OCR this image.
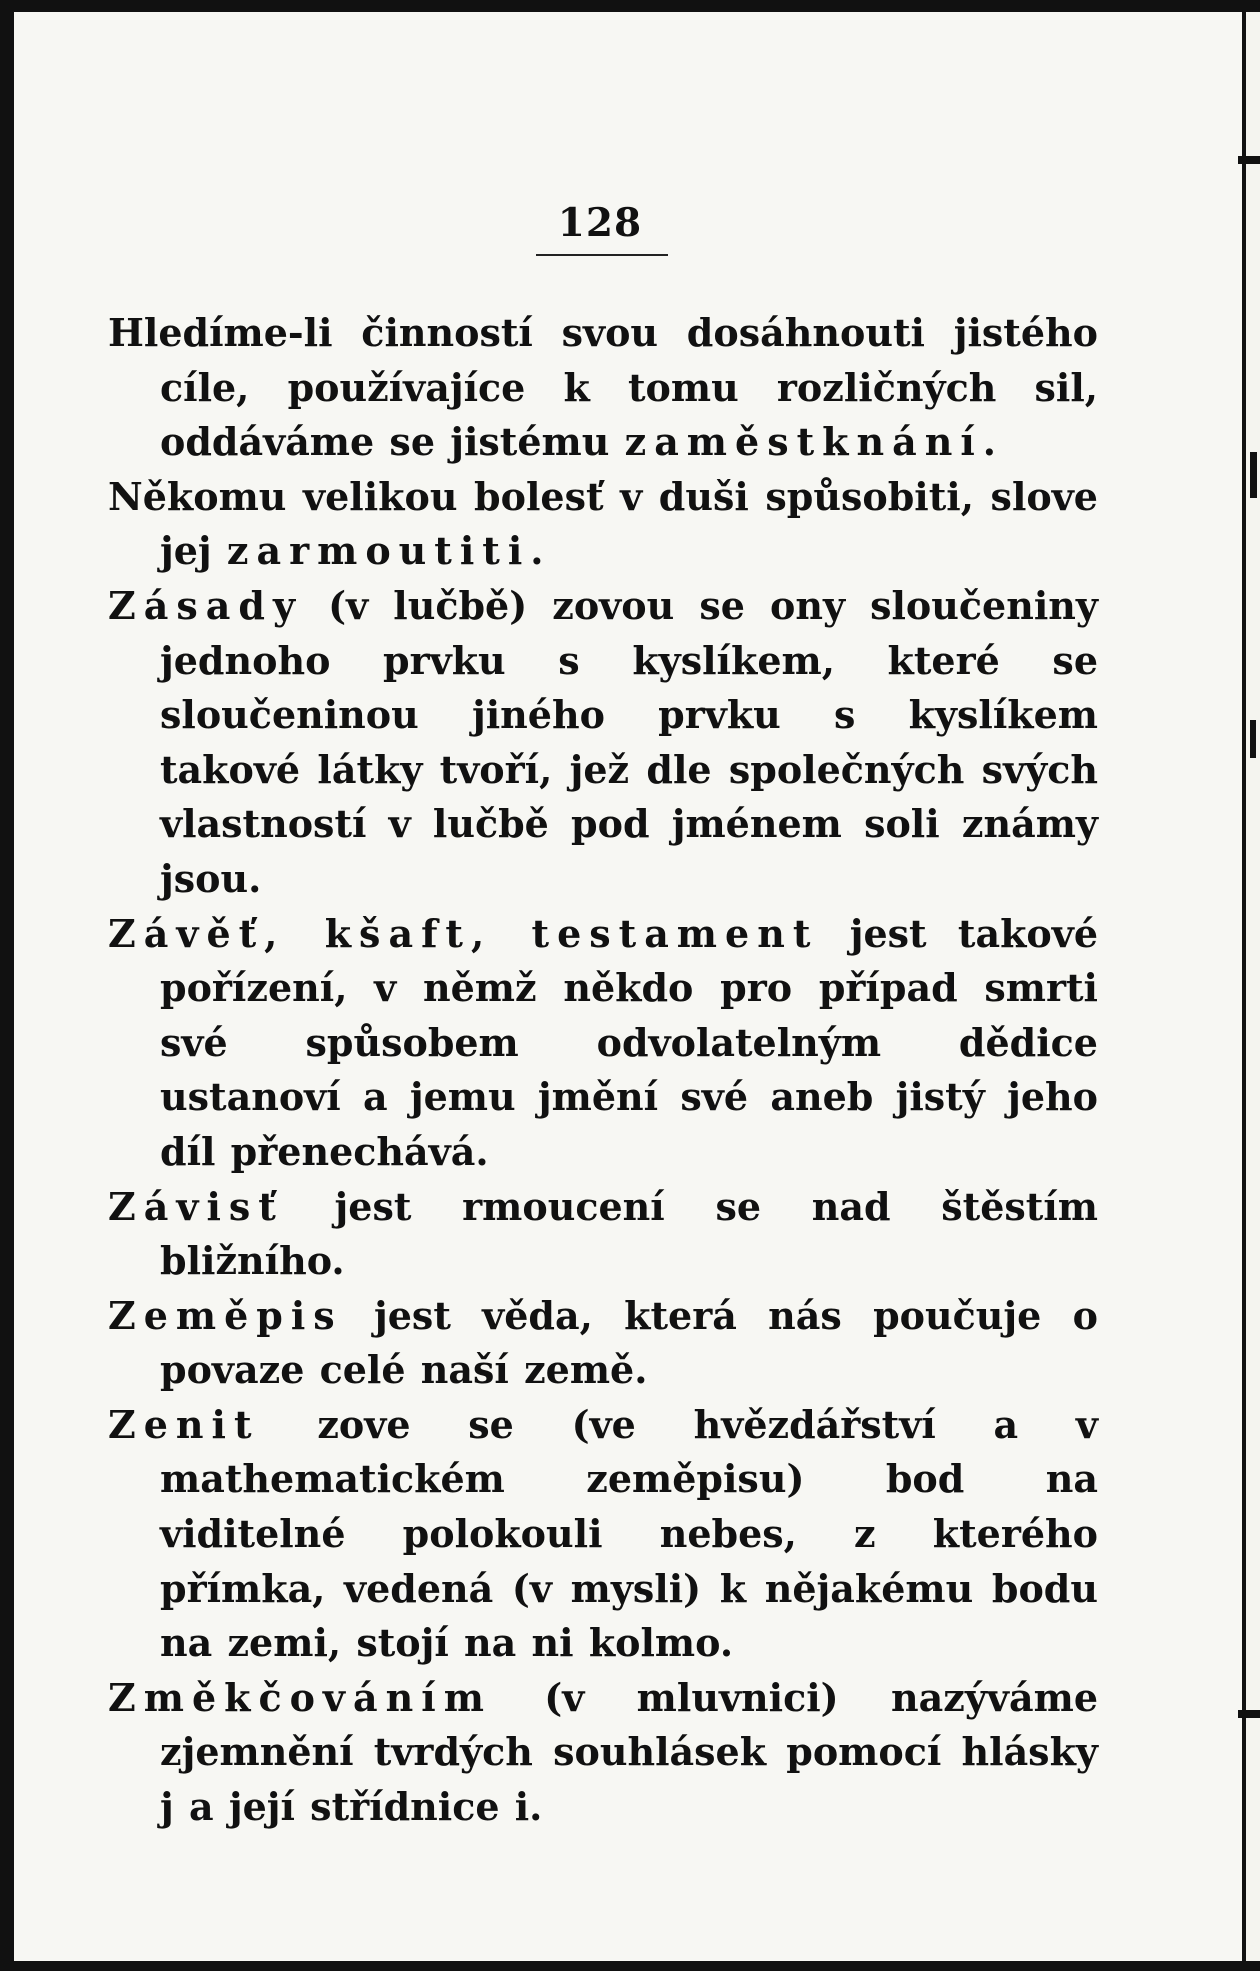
128

Hledíme-li činností svou dosáhnouti jistého cíle, používajíce k tomu rozličných sil, oddáváme se jistému zaměstknání.

Někomu velikou bolesť v duši spůsobiti, slove jej zarmoutiti.

Zásady (v lučbě) zovou se ony sloučeniny jednoho prvku s kyslíkem, které se sloučeninou jiného prvku s kyslíkem takové látky tvoří, jež dle společných svých vlastností v lučbě pod jménem soli známy jsou.

Závěť, kšaft, testament jest takové pořízení, v němž někdo pro případ smrti své spůsobem odvolatelným dědice ustanoví a jemu jmění své aneb jistý jeho díl přenechává.

Závisť jest rmoucení se nad štěstím bližního.

Zeměpis jest věda, která nás poučuje o povaze celé naší země.

Zenit zove se (ve hvězdářství a v mathematickém zeměpisu) bod na viditelné polokouli nebes, z kterého přímka, vedená (v mysli) k nějakému bodu na zemi, stojí na ni kolmo.

Změkčováním (v mluvnici) nazýváme zjemnění tvrdých souhlásek pomocí hlásky j a její střídnice i.
